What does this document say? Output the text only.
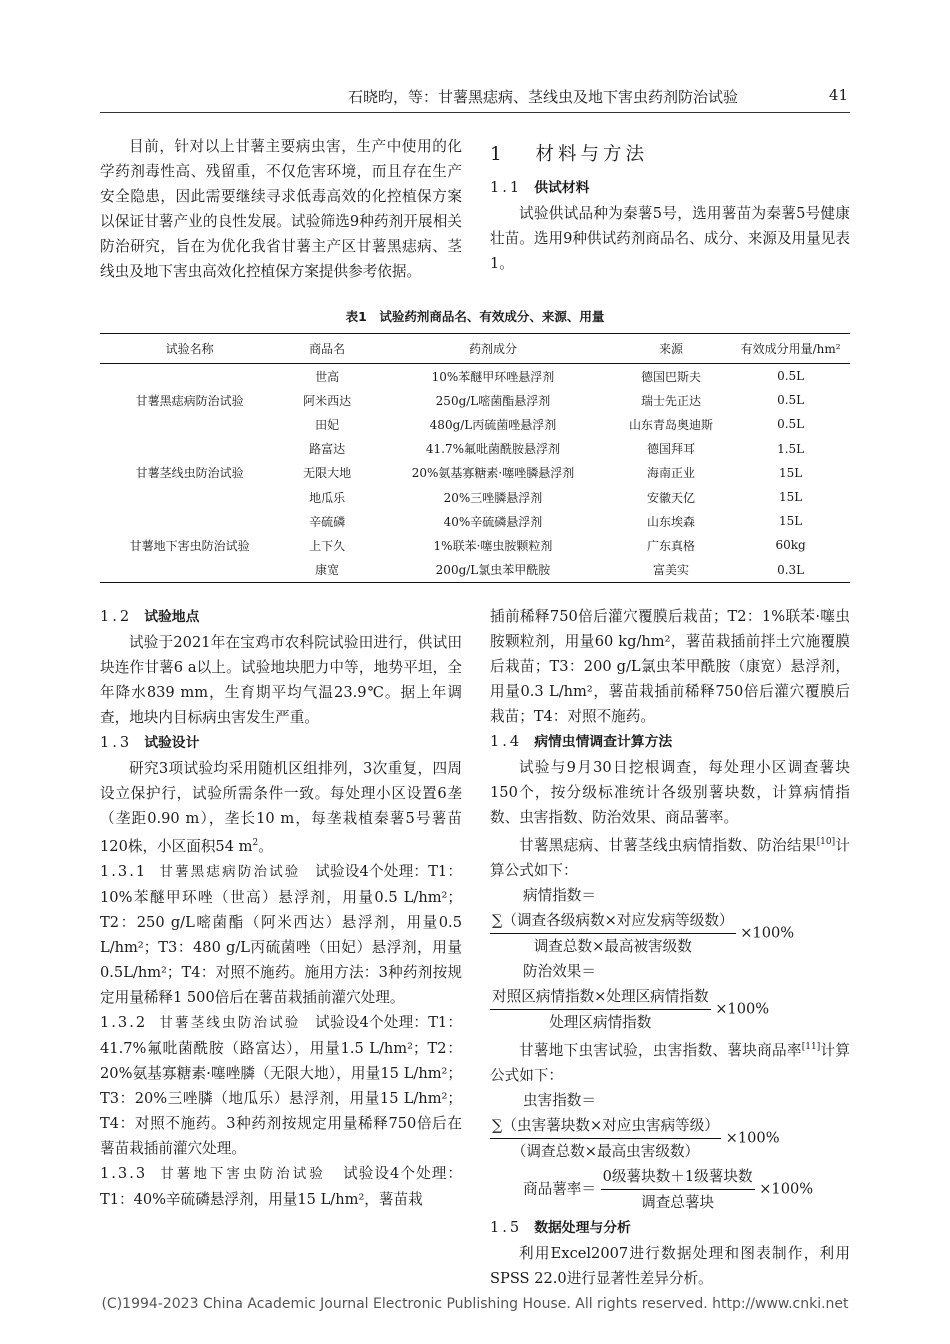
石晓昀，等：甘薯黑痣病、茎线虫及地下害虫药剂防治试验	41

目前，针对以上甘薯主要病虫害，生产中使用的化学药剂毒性高、残留重，不仅危害环境，而且存在生产安全隐患，因此需要继续寻求低毒高效的化控植保方案以保证甘薯产业的良性发展。试验筛选9种药剂开展相关防治研究，旨在为优化我省甘薯主产区甘薯黑痣病、茎线虫及地下害虫高效化控植保方案提供参考依据。

1 材料与方法
1.1 供试材料

试验供试品种为秦薯5号，选用薯苗为秦薯5号健康壮苗。选用9种供试药剂商品名、成分、来源及用量见表1。

表1　试验药剂商品名、有效成分、来源、用量
试验名称	商品名	药剂成分	来源	有效成分用量/hm²
	世高	10%苯醚甲环唑悬浮剂	德国巴斯夫	0.5L
甘薯黑痣病防治试验	阿米西达	250g/L嘧菌酯悬浮剂	瑞士先正达	0.5L
	田妃	480g/L丙硫菌唑悬浮剂	山东青岛奥迪斯	0.5L
	路富达	41.7%氟吡菌酰胺悬浮剂	德国拜耳	1.5L
甘薯茎线虫防治试验	无限大地	20%氨基寡糖素·噻唑膦悬浮剂	海南正业	15L
	地瓜乐	20%三唑膦悬浮剂	安徽天亿	15L
	辛硫磷	40%辛硫磷悬浮剂	山东埃森	15L
甘薯地下害虫防治试验	上下久	1%联苯·噻虫胺颗粒剂	广东真格	60kg
	康宽	200g/L氯虫苯甲酰胺	富美实	0.3L
1.2 试验地点

试验于2021年在宝鸡市农科院试验田进行，供试田块连作甘薯6 a以上。试验地块肥力中等，地势平坦，全年降水839 mm，生育期平均气温23.9℃。据上年调查，地块内目标病虫害发生严重。

1.3 试验设计

研究3项试验均采用随机区组排列，3次重复，四周设立保护行，试验所需条件一致。每处理小区设置6垄（垄距0.90 m），垄长10 m，每垄栽植秦薯5号薯苗120株，小区面积54 $m^2$。

1.3.1 甘薯黑痣病防治试验 试验设4个处理：T1：10%苯醚甲环唑（世高）悬浮剂，用量0.5 L/hm²；T2：250 g/L嘧菌酯（阿米西达）悬浮剂，用量0.5 L/hm²；T3：480 g/L丙硫菌唑（田妃）悬浮剂，用量0.5L/hm²；T4：对照不施药。施用方法：3种药剂按规定用量稀释1 500倍后在薯苗栽插前灌穴处理。

1.3.2 甘薯茎线虫防治试验 试验设4个处理：T1：41.7%氟吡菌酰胺（路富达），用量1.5 L/hm²；T2：20%氨基寡糖素·噻唑膦（无限大地），用量15 L/hm²；T3：20%三唑膦（地瓜乐）悬浮剂，用量15 L/hm²；T4：对照不施药。3种药剂按规定用量稀释750倍后在薯苗栽插前灌穴处理。

1.3.3 甘薯地下害虫防治试验 试验设4个处理：T1：40%辛硫磷悬浮剂，用量15 L/hm²，薯苗栽

插前稀释750倍后灌穴覆膜后栽苗；T2：1%联苯·噻虫胺颗粒剂，用量60 kg/hm²，薯苗栽插前拌土穴施覆膜后栽苗；T3：200 g/L氯虫苯甲酰胺（康宽）悬浮剂，用量0.3 L/hm²，薯苗栽插前稀释750倍后灌穴覆膜后栽苗；T4：对照不施药。

1.4 病情虫情调查计算方法

试验与9月30日挖根调查，每处理小区调查薯块150个，按分级标准统计各级别薯块数，计算病情指数、虫害指数、防治效果、商品薯率。

甘薯黑痣病、甘薯茎线虫病情指数、防治结果[10]计算公式如下：

病情指数＝
$\frac{\text{∑（调查各级病数×对应发病等级数）}}{\text{调查总数×最高被害级数}} \times 100\%$
防治效果＝
$\frac{\text{对照区病情指数×处理区病情指数}}{\text{处理区病情指数}} \times 100\%$

甘薯地下虫害试验，虫害指数、薯块商品率[11]计算公式如下：

虫害指数＝
$\frac{\text{∑（虫害薯块数×对应虫害病等级）}}{\text{（调查总数×最高虫害级数）}} \times 100\%$
商品薯率＝ $\frac{\text{0级薯块数＋1级薯块数}}{\text{调查总薯块}} \times 100\%$
1.5 数据处理与分析

利用Excel2007进行数据处理和图表制作，利用SPSS 22.0进行显著性差异分析。

(C)1994-2023 China Academic Journal Electronic Publishing House. All rights reserved. http://www.cnki.net
